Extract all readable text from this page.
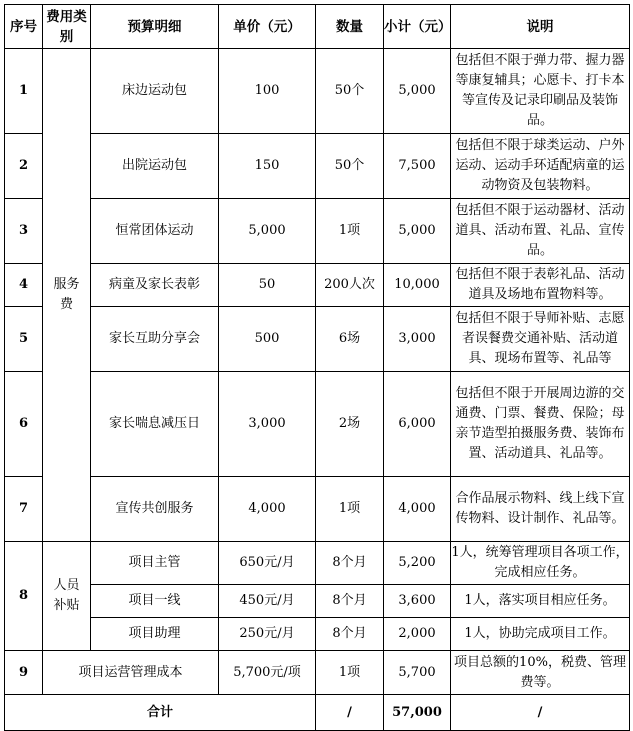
序号	费用类别	预算明细	单价（元）	数量	小计（元）	说明
1	服务费	床边运动包	100	50个	5,000	包括但不限于弹力带、握力器等康复辅具；心愿卡、打卡本等宣传及记录印刷品及装饰品。
2		出院运动包	150	50个	7,500	包括但不限于球类运动、户外运动、运动手环适配病童的运动物资及包装物料。
3		恒常团体运动	5,000	1项	5,000	包括但不限于运动器材、活动道具、活动布置、礼品、宣传品。
4		病童及家长表彰	50	200人次	10,000	包括但不限于表彰礼品、活动道具及场地布置物料等。
5		家长互助分享会	500	6场	3,000	包括但不限于导师补贴、志愿者误餐费交通补贴、活动道具、现场布置等、礼品等
6		家长喘息减压日	3,000	2场	6,000	包括但不限于开展周边游的交通费、门票、餐费、保险；母亲节造型拍摄服务费、装饰布置、活动道具、礼品等。
7		宣传共创服务	4,000	1项	4,000	合作品展示物料、线上线下宣传物料、设计制作、礼品等。
8	人员补贴	项目主管	650元/月	8个月	5,200	1人，统筹管理项目各项工作，完成相应任务。
		项目一线	450元/月	8个月	3,600	1人，落实项目相应任务。
		项目助理	250元/月	8个月	2,000	1人，协助完成项目工作。
9	项目运营管理成本		5,700元/项	1项	5,700	项目总额的10%，税费、管理费等。
合计				/	57,000	/
